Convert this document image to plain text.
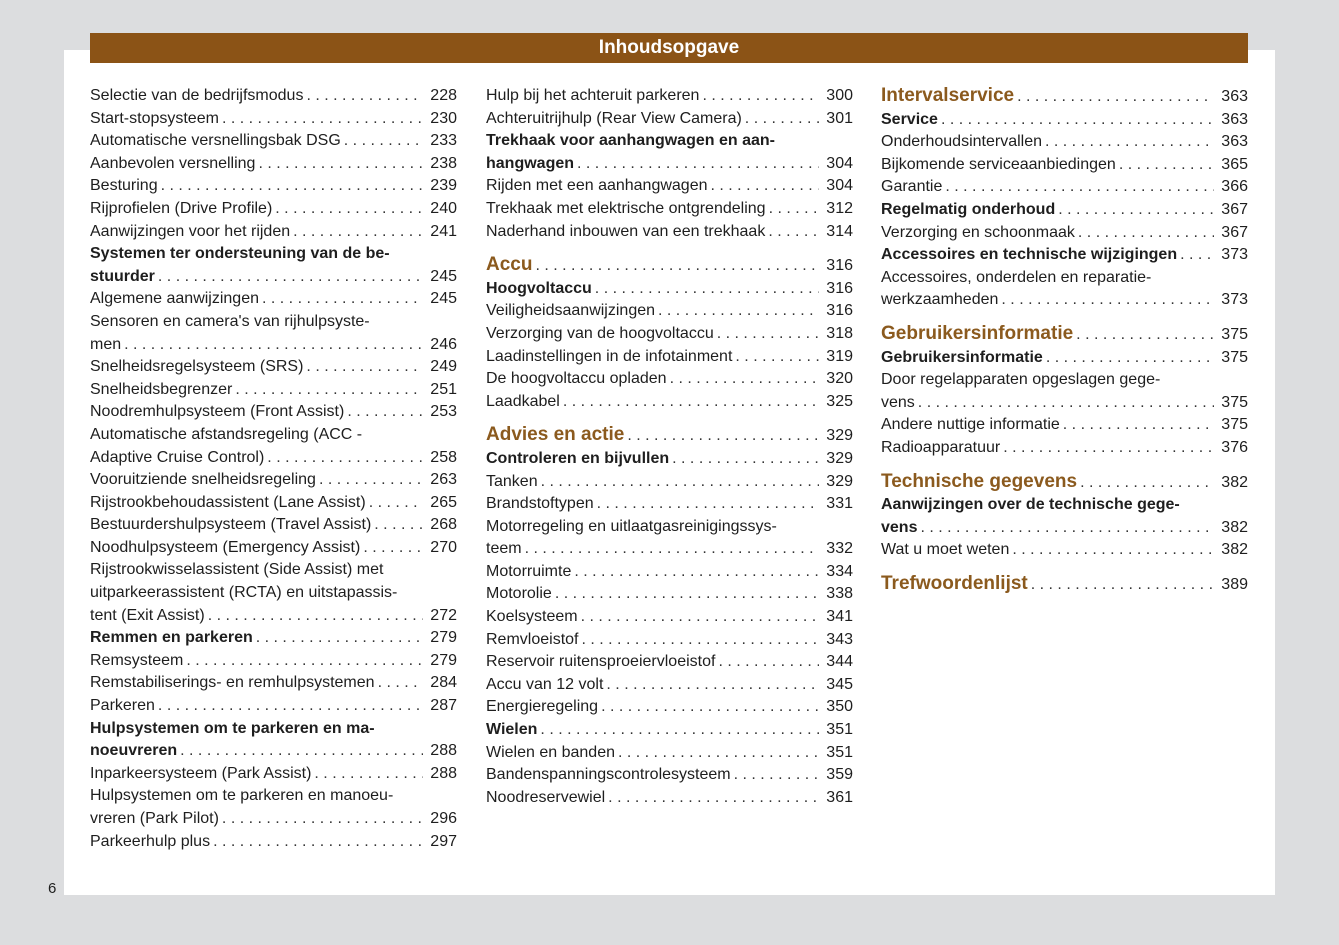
Inhoudsopgave
Selectie van de bedrijfsmodus . . .	228
Start-stopsysteem . . .	230
Automatische versnellingsbak DSG . . .	233
Aanbevolen versnelling . . .	238
Besturing . . .	239
Rijprofielen (Drive Profile) . . .	240
Aanwijzingen voor het rijden . . .	241
Systemen ter ondersteuning van de be-
stuurder . . .	245
Algemene aanwijzingen . . .	245
Sensoren en camera's van rijhulpsyste-
men . . .	246
Snelheidsregelsysteem (SRS) . . .	249
Snelheidsbegrenzer . . .	251
Noodremhulpsysteem (Front Assist) . . .	253
Automatische afstandsregeling (ACC -
Adaptive Cruise Control) . . .	258
Vooruitziende snelheidsregeling . . .	263
Rijstrookbehoudassistent (Lane Assist) . . .	265
Bestuurdershulpsysteem (Travel Assist) . . .	268
Noodhulpsysteem (Emergency Assist) . . .	270
Rijstrookwisselassistent (Side Assist) met
uitparkeerassistent (RCTA) en uitstapassis-
tent (Exit Assist) . . .	272
Remmen en parkeren . . .	279
Remsysteem . . .	279
Remstabiliserings- en remhulpsystemen . . .	284
Parkeren . . .	287
Hulpsystemen om te parkeren en ma-
noeuvreren . . .	288
Inparkeersysteem (Park Assist) . . .	288
Hulpsystemen om te parkeren en manoeu-
vreren (Park Pilot) . . .	296
Parkeerhulp plus . . .	297
Hulp bij het achteruit parkeren . . .	300
Achteruitrijhulp (Rear View Camera) . . .	301
Trekhaak voor aanhangwagen en aan-
hangwagen . . .	304
Rijden met een aanhangwagen . . .	304
Trekhaak met elektrische ontgrendeling . . .	312
Naderhand inbouwen van een trekhaak . . .	314
Accu . . .	316
Hoogvoltaccu . . .	316
Veiligheidsaanwijzingen . . .	316
Verzorging van de hoogvoltaccu . . .	318
Laadinstellingen in de infotainment . . .	319
De hoogvoltaccu opladen . . .	320
Laadkabel . . .	325
Advies en actie . . .	329
Controleren en bijvullen . . .	329
Tanken . . .	329
Brandstoftypen . . .	331
Motorregeling en uitlaatgasreinigingssys-
teem . . .	332
Motorruimte . . .	334
Motorolie . . .	338
Koelsysteem . . .	341
Remvloeistof . . .	343
Reservoir ruitensproeiervloeistof . . .	344
Accu van 12 volt . . .	345
Energieregeling . . .	350
Wielen . . .	351
Wielen en banden . . .	351
Bandenspanningscontrolesysteem . . .	359
Noodreservewiel . . .	361
Intervalservice . . .	363
Service . . .	363
Onderhoudsintervallen . . .	363
Bijkomende serviceaanbiedingen . . .	365
Garantie . . .	366
Regelmatig onderhoud . . .	367
Verzorging en schoonmaak . . .	367
Accessoires en technische wijzigingen . . .	373
Accessoires, onderdelen en reparatie-
werkzaamheden . . .	373
Gebruikersinformatie . . .	375
Gebruikersinformatie . . .	375
Door regelapparaten opgeslagen gege-
vens . . .	375
Andere nuttige informatie . . .	375
Radioapparatuur . . .	376
Technische gegevens . . .	382
Aanwijzingen over de technische gege-
vens . . .	382
Wat u moet weten . . .	382
Trefwoordenlijst . . .	389
6
